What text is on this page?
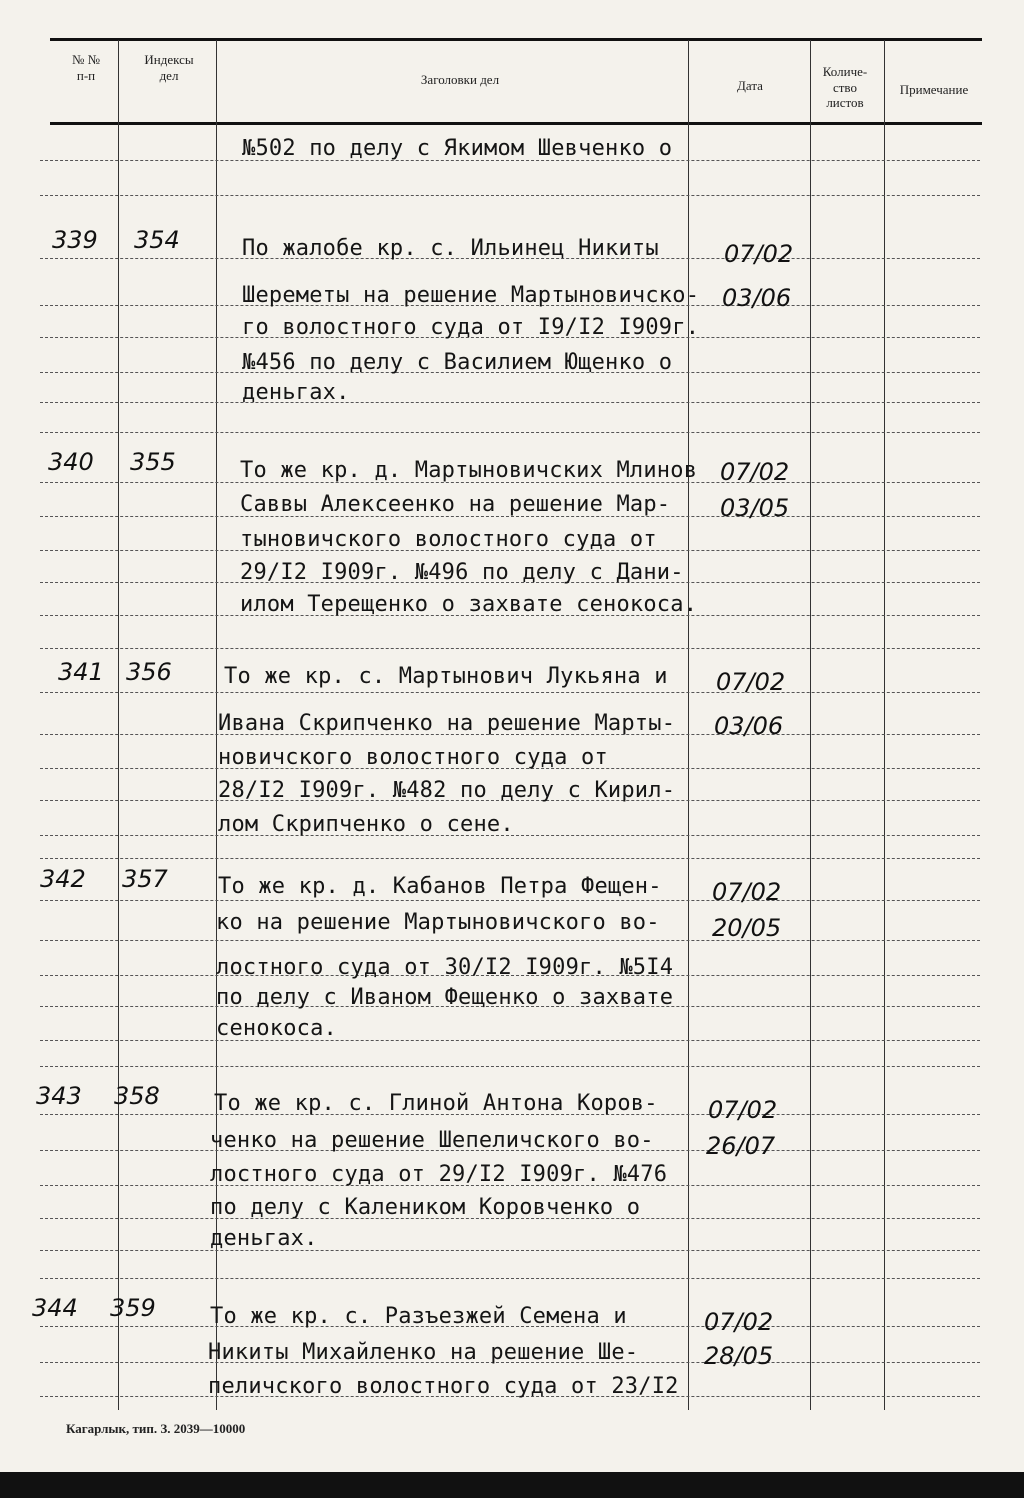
№ №
п-п
Индексы
дел	Заголовки дел	Дата
Количе-
ство
листов
Примечание
№502 по делу с Якимом Шевченко о
По жалобе кр. с. Ильинец Никиты
Шереметы на решение Мартыновичско-
го волостного суда от I9/I2 I909г.
№456 по делу с Василием Ющенко о
деньгах.
То же кр. д. Мартыновичских Млинов
Саввы Алексеенко на решение Мар-
тыновичского волостного суда от
29/I2 I909г. №496 по делу с Дани-
илом Терещенко о захвате сенокоса.
То же кр. с. Мартынович Лукьяна и
Ивана Скрипченко на решение Марты-
новичского волостного суда от
28/I2 I909г. №482 по делу с Кирил-
лом Скрипченко о сене.
То же кр. д. Кабанов Петра Фещен-
ко на решение Мартыновичского во-
лостного суда от 30/I2 I909г. №5I4
по делу с Иваном Фещенко о захвате
сенокоса.
То же кр. с. Глиной Антона Коров-
ченко на решение Шепеличского во-
лостного суда от 29/I2 I909г. №476
по делу с Калеником Коровченко о
деньгах.
То же кр. с. Разъезжей Семена и
Никиты Михайленко на решение Ше-
пеличского волостного суда от 23/I2
339
340
341
342
343
344
354
355
356
357
358
359
07/02
03/06
07/02
03/05
07/02
03/06
07/02
20/05
07/02
26/07
07/02
28/05
Кагарлык, тип. З. 2039—10000
